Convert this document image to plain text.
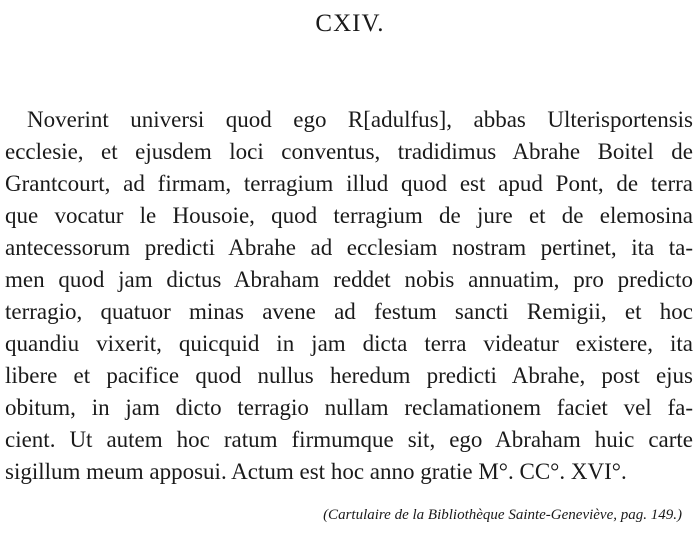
CXIV.
Noverint universi quod ego R[adulfus], abbas Ulterisportensis
ecclesie, et ejusdem loci conventus, tradidimus Abrahe Boitel de
Grantcourt, ad firmam, terragium illud quod est apud Pont, de terra
que vocatur le Housoie, quod terragium de jure et de elemosina
antecessorum predicti Abrahe ad ecclesiam nostram pertinet, ita ta-
men quod jam dictus Abraham reddet nobis annuatim, pro predicto
terragio, quatuor minas avene ad festum sancti Remigii, et hoc
quandiu vixerit, quicquid in jam dicta terra videatur existere, ita
libere et pacifice quod nullus heredum predicti Abrahe, post ejus
obitum, in jam dicto terragio nullam reclamationem faciet vel fa-
cient. Ut autem hoc ratum firmumque sit, ego Abraham huic carte
sigillum meum apposui. Actum est hoc anno gratie M°. CC°. XVI°.
(Cartulaire de la Bibliothèque Sainte-Geneviève, pag. 149.)
